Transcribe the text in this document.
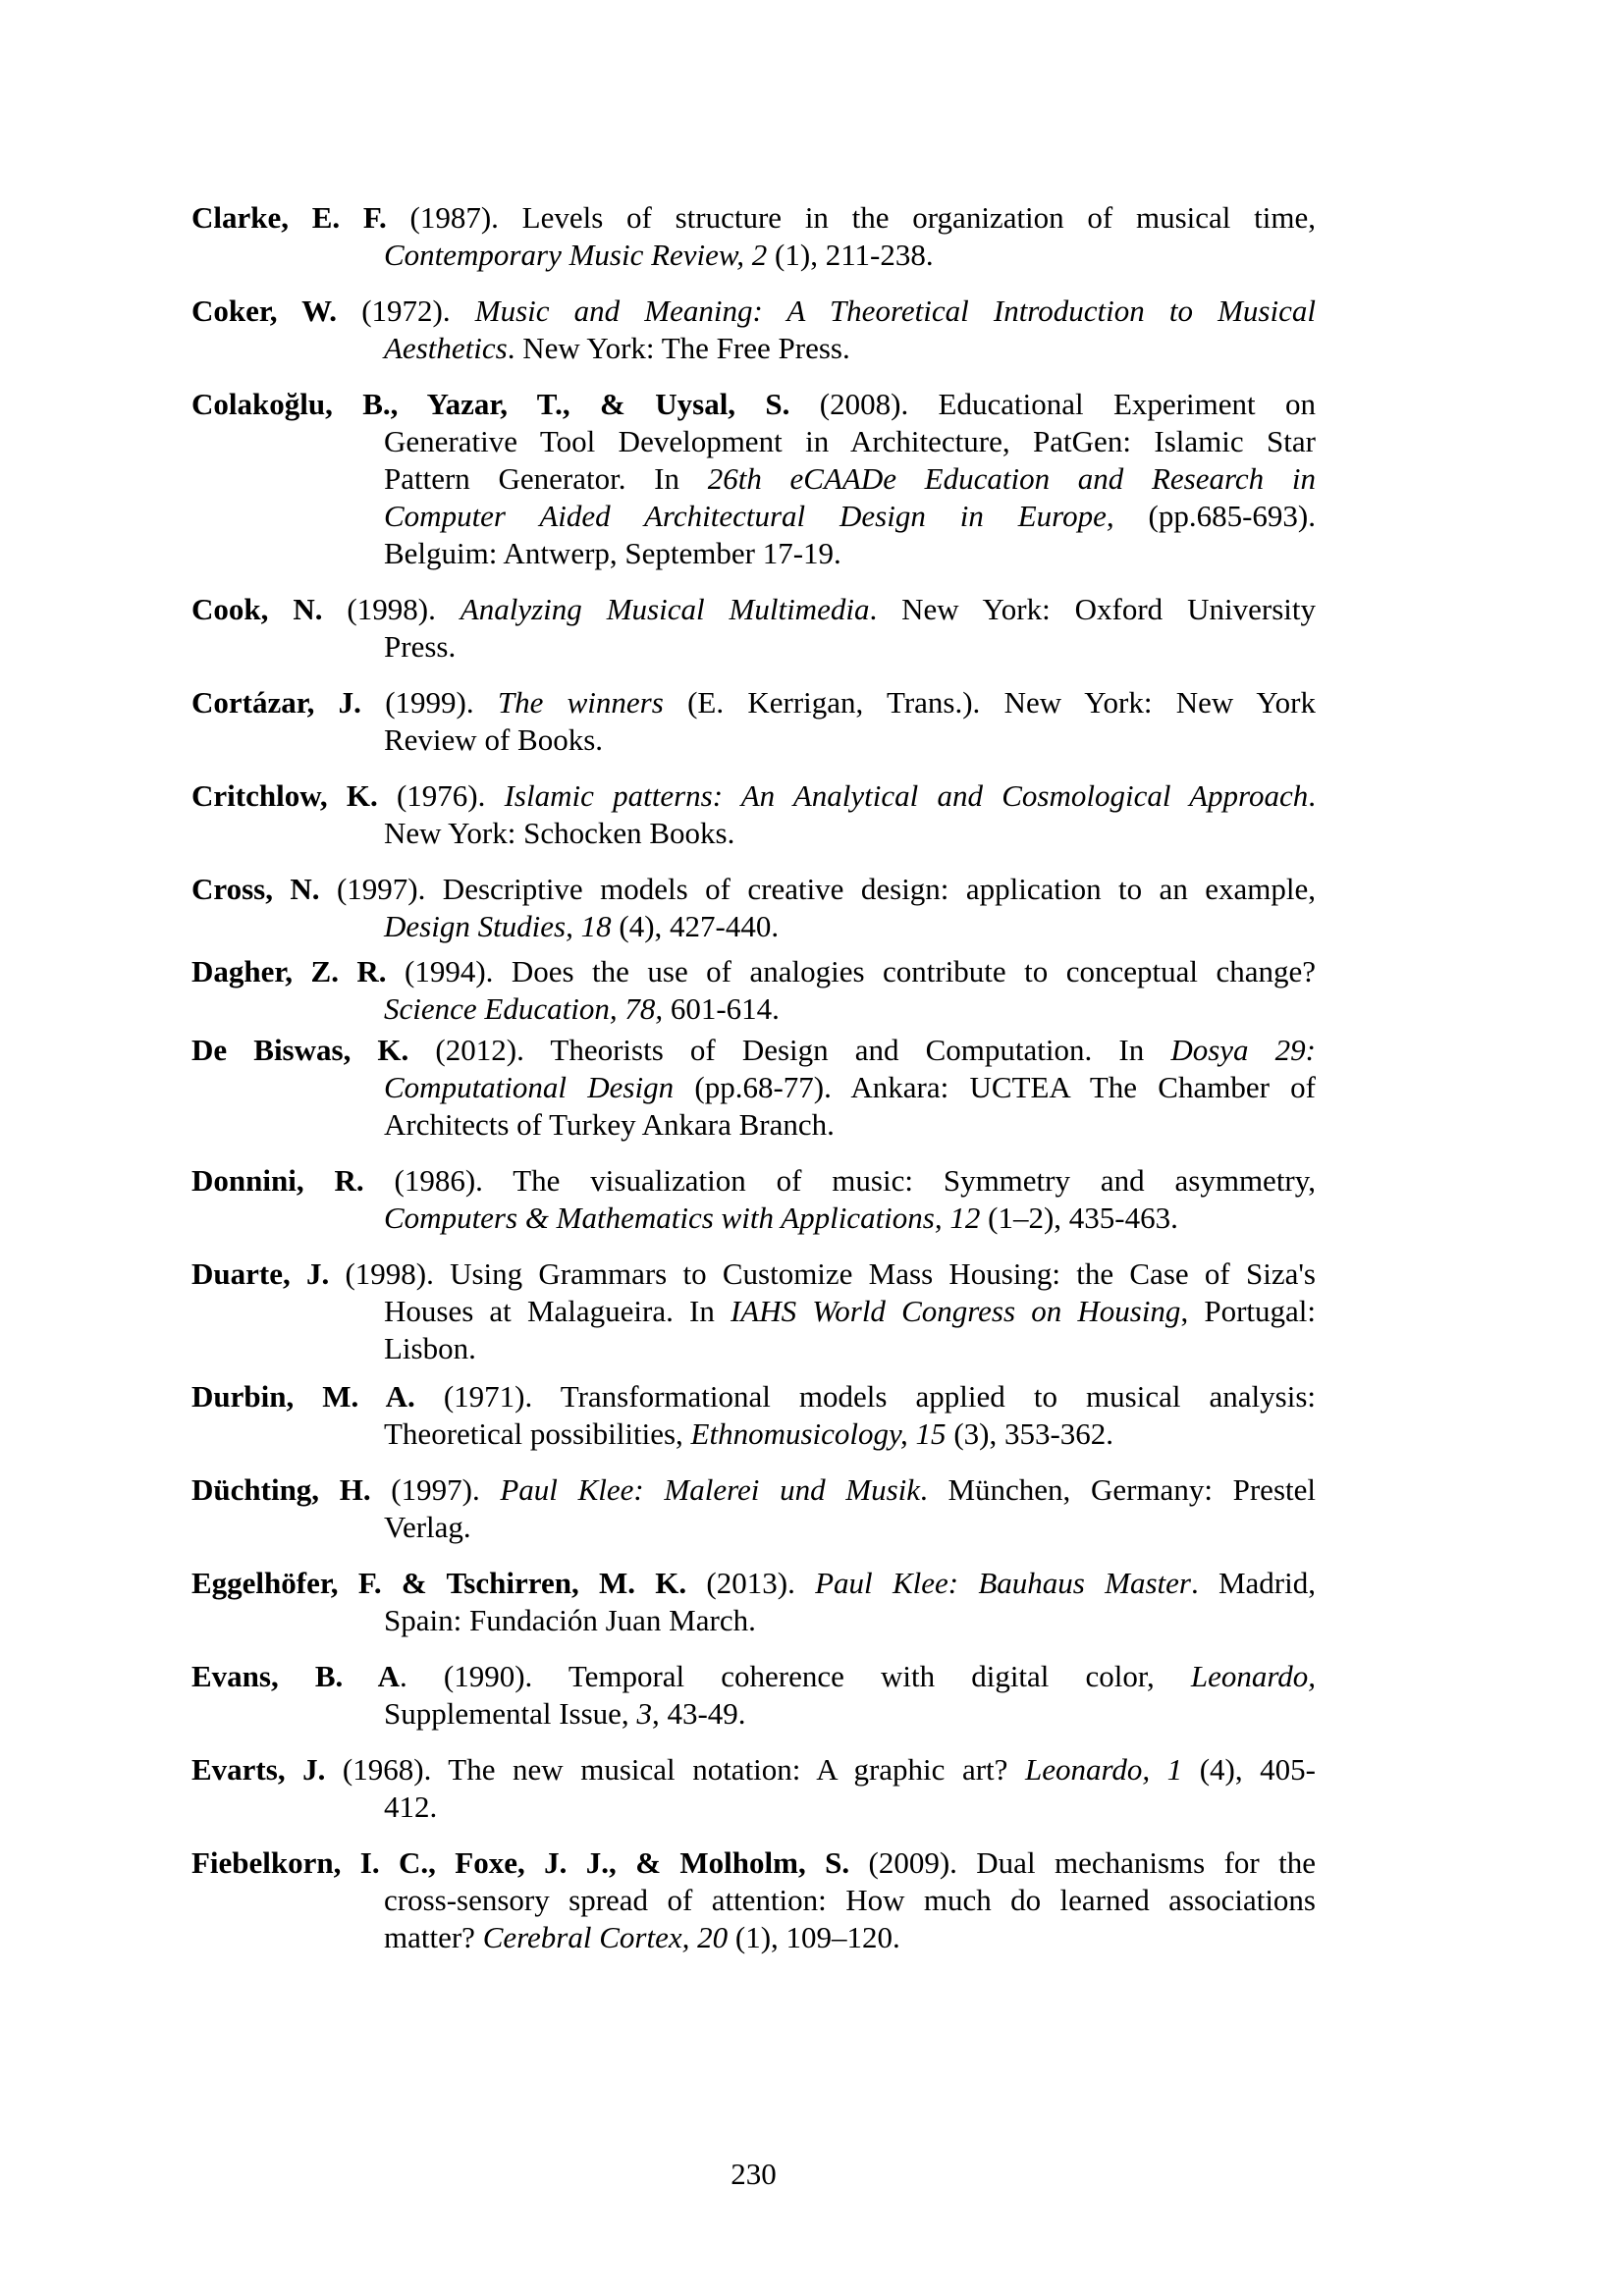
Clarke, E. F. (1987). Levels of structure in the organization of musical time,
Contemporary Music Review, 2 (1), 211-238.
Coker, W. (1972). Music and Meaning: A Theoretical Introduction to Musical
Aesthetics. New York: The Free Press.
Colakoğlu, B., Yazar, T., & Uysal, S. (2008). Educational Experiment on
Generative Tool Development in Architecture, PatGen: Islamic Star
Pattern Generator. In 26th eCAADe Education and Research in
Computer Aided Architectural Design in Europe, (pp.685-693).
Belguim: Antwerp, September 17-19.
Cook, N. (1998). Analyzing Musical Multimedia. New York: Oxford University
Press.
Cortázar, J. (1999). The winners (E. Kerrigan, Trans.). New York: New York
Review of Books.
Critchlow, K. (1976). Islamic patterns: An Analytical and Cosmological Approach.
New York: Schocken Books.
Cross, N. (1997). Descriptive models of creative design: application to an example,
Design Studies, 18 (4), 427-440.
Dagher, Z. R. (1994). Does the use of analogies contribute to conceptual change?
Science Education, 78, 601-614.
De Biswas, K. (2012). Theorists of Design and Computation. In Dosya 29:
Computational Design (pp.68-77). Ankara: UCTEA The Chamber of
Architects of Turkey Ankara Branch.
Donnini, R. (1986). The visualization of music: Symmetry and asymmetry,
Computers & Mathematics with Applications, 12 (1–2), 435-463.
Duarte, J. (1998). Using Grammars to Customize Mass Housing: the Case of Siza's
Houses at Malagueira. In IAHS World Congress on Housing, Portugal:
Lisbon.
Durbin, M. A. (1971). Transformational models applied to musical analysis:
Theoretical possibilities, Ethnomusicology, 15 (3), 353-362.
Düchting, H. (1997). Paul Klee: Malerei und Musik. München, Germany: Prestel
Verlag.
Eggelhöfer, F. & Tschirren, M. K. (2013). Paul Klee: Bauhaus Master. Madrid,
Spain: Fundación Juan March.
Evans, B. A. (1990). Temporal coherence with digital color, Leonardo,
Supplemental Issue, 3, 43-49.
Evarts, J. (1968). The new musical notation: A graphic art? Leonardo, 1 (4), 405-
412.
Fiebelkorn, I. C., Foxe, J. J., & Molholm, S. (2009). Dual mechanisms for the
cross-sensory spread of attention: How much do learned associations
matter? Cerebral Cortex, 20 (1), 109–120.
230
